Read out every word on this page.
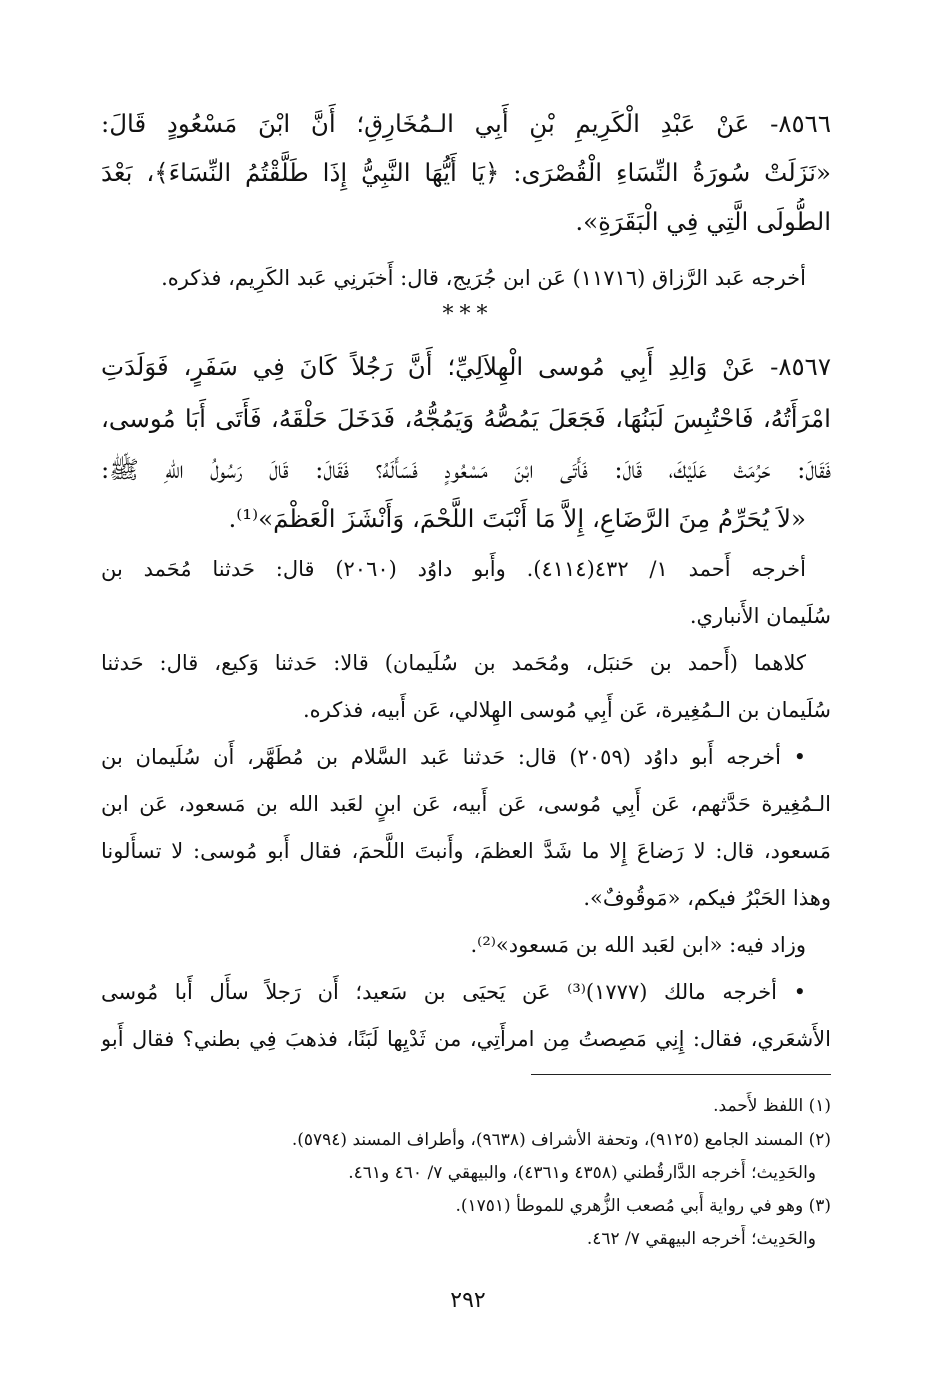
٨٥٦٦- عَنْ عَبْدِ الْكَرِيمِ بْنِ أَبِي الـمُخَارِقِ؛ أَنَّ ابْنَ مَسْعُودٍ قَالَ:
«نَزَلَتْ سُورَةُ النِّسَاءِ الْقُصْرَى: ﴿يَا أَيُّهَا النَّبِيُّ إِذَا طَلَّقْتُمُ النِّسَاءَ﴾، بَعْدَ
الطُّولَى الَّتِي فِي الْبَقَرَةِ».
أخرجه عَبد الرَّزاق (١١٧١٦) عَن ابن جُرَيج، قال: أَخبَرنِي عَبد الكَرِيم، فذكره.
***
٨٥٦٧- عَنْ وَالِدِ أَبِي مُوسى الْهِلاَلِيِّ؛ أَنَّ رَجُلاً كَانَ فِي سَفَرٍ، فَوَلَدَتِ
امْرَأَتُهُ، فَاحْتُبِسَ لَبَنُهَا، فَجَعَلَ يَمُصُّهُ وَيَمُجُّهُ، فَدَخَلَ حَلْقَهُ، فَأَتَى أَبَا مُوسى،
فَقَالَ: حَرُمَتْ عَلَيْكَ، قَالَ: فَأَتَى ابْنَ مَسْعُودٍ فَسَأَلَهُ؟ فَقَالَ: قَالَ رَسُولُ اللهِ ﷺ:
«لاَ يُحَرِّمُ مِنَ الرَّضَاعِ، إِلاَّ مَا أَنْبَتَ اللَّحْمَ، وَأَنْشَزَ الْعَظْمَ»⁽¹⁾.
أخرجه أَحمد ١/ ٤٣٢(٤١١٤). وأَبو داوُد (٢٠٦٠) قال: حَدثنا مُحَمد بن
سُلَيمان الأَنباري.
كلاهما (أَحمد بن حَنبَل، ومُحَمد بن سُلَيمان) قالا: حَدثنا وَكيع، قال: حَدثنا
سُلَيمان بن الـمُغِيرة، عَن أَبِي مُوسى الهِلالي، عَن أَبيه، فذكره.
• أخرجه أَبو داوُد (٢٠٥٩) قال: حَدثنا عَبد السَّلام بن مُطَهَّر، أَن سُلَيمان بن
الـمُغِيرة حَدَّثهم، عَن أَبِي مُوسى، عَن أَبيه، عَن ابنٍ لعَبد الله بن مَسعود، عَن ابن
مَسعود، قال: لا رَضاعَ إِلا ما شَدَّ العظمَ، وأَنبتَ اللَّحمَ، فقال أَبو مُوسى: لا تسأَلونا
وهذا الحَبْرُ فيكم، «مَوقُوفٌ».
وزاد فيه: «ابن لعَبد الله بن مَسعود»⁽²⁾.
• أخرجه مالك (١٧٧٧)⁽³⁾ عَن يَحيَى بن سَعيد؛ أَن رَجلاً سأَل أَبا مُوسى
الأَشعَري، فقال: إِنِي مَصِصتُ مِن امرأَتِي، من ثَدْيِها لَبَنًا، فذهبَ فِي بطني؟ فقال أَبو
(١) اللفظ لأَحمد.
(٢) المسند الجامع (٩١٢٥)، وتحفة الأشراف (٩٦٣٨)، وأطراف المسند (٥٧٩٤).
والحَدِيث؛ أَخرجه الدَّارقُطني (٤٣٥٨ و٤٣٦١)، والبيهقي ٧/ ٤٦٠ و٤٦١.
(٣) وهو في رواية أَبي مُصعب الزُّهري للموطأ (١٧٥١).
والحَدِيث؛ أَخرجه البيهقي ٧/ ٤٦٢.
٢٩٢
